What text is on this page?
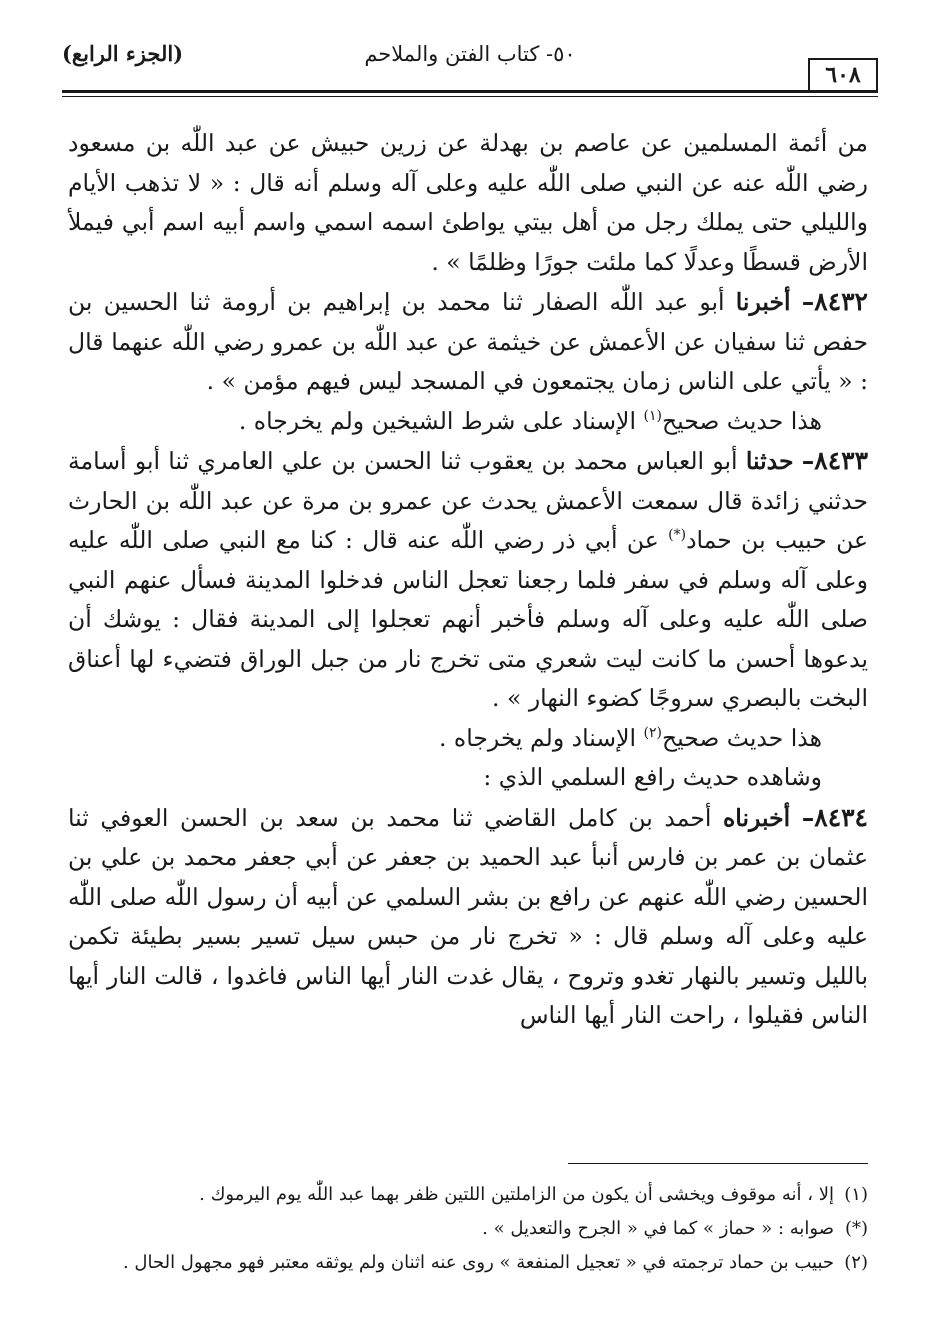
٦٠٨
٥٠- كتاب الفتن والملاحم
(الجزء الرابع)

من أئمة المسلمين عن عاصم بن بهدلة عن زرين حبيش عن عبد اللّٰه بن مسعود رضي اللّٰه عنه عن النبي صلى اللّٰه عليه وعلى آله وسلم أنه قال : « لا تذهب الأيام والليلي حتى يملك رجل من أهل بيتي يواطئ اسمه اسمي واسم أبيه اسم أبي فيملأ الأرض قسطًا وعدلًا كما ملئت جورًا وظلمًا » .

٨٤٣٢– أخبرنا أبو عبد اللّٰه الصفار ثنا محمد بن إبراهيم بن أرومة ثنا الحسين بن حفص ثنا سفيان عن الأعمش عن خيثمة عن عبد اللّٰه بن عمرو رضي اللّٰه عنهما قال : « يأتي على الناس زمان يجتمعون في المسجد ليس فيهم مؤمن » .

هذا حديث صحيح$^{(١)}$ الإسناد على شرط الشيخين ولم يخرجاه .

٨٤٣٣– حدثنا أبو العباس محمد بن يعقوب ثنا الحسن بن علي العامري ثنا أبو أسامة حدثني زائدة قال سمعت الأعمش يحدث عن عمرو بن مرة عن عبد اللّٰه بن الحارث عن حبيب بن حماد(*) عن أبي ذر رضي اللّٰه عنه قال : كنا مع النبي صلى اللّٰه عليه وعلى آله وسلم في سفر فلما رجعنا تعجل الناس فدخلوا المدينة فسأل عنهم النبي صلى اللّٰه عليه وعلى آله وسلم فأخبر أنهم تعجلوا إلى المدينة فقال : يوشك أن يدعوها أحسن ما كانت ليت شعري متى تخرج نار من جبل الوراق فتضيء لها أعناق البخت بالبصري سروجًا كضوء النهار » .

هذا حديث صحيح$^{(٢)}$ الإسناد ولم يخرجاه .

وشاهده حديث رافع السلمي الذي :

٨٤٣٤– أخبرناه أحمد بن كامل القاضي ثنا محمد بن سعد بن الحسن العوفي ثنا عثمان بن عمر بن فارس أنبأ عبد الحميد بن جعفر عن أبي جعفر محمد بن علي بن الحسين رضي اللّٰه عنهم عن رافع بن بشر السلمي عن أبيه أن رسول اللّٰه صلى اللّٰه عليه وعلى آله وسلم قال : « تخرج نار من حبس سيل تسير بسير بطيئة تكمن بالليل وتسير بالنهار تغدو وتروح ، يقال غدت النار أيها الناس فاغدوا ، قالت النار أيها الناس فقيلوا ، راحت النار أيها الناس

(١)إلا ، أنه موقوف ويخشى أن يكون من الزاملتين اللتين ظفر بهما عبد اللّٰه يوم اليرموك .

(*)صوابه : « حماز » كما في « الجرح والتعديل » .

(٢)حبيب بن حماد ترجمته في « تعجيل المنفعة » روى عنه اثنان ولم يوثقه معتبر فهو مجهول الحال .
